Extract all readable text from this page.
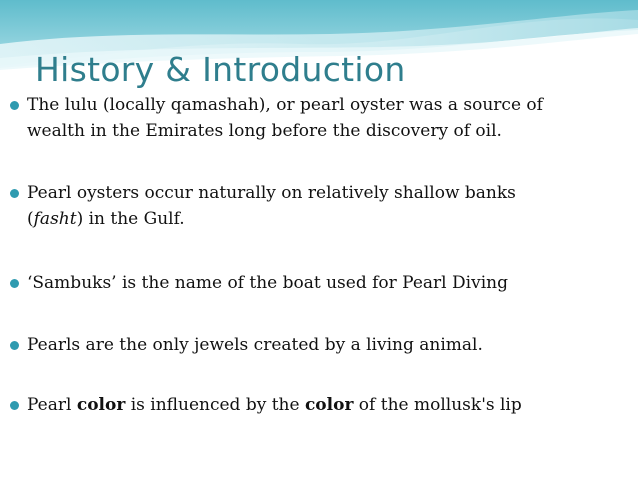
History & Introduction
The lulu (locally qamashah), or pearl oyster was a source of
wealth in the Emirates long before the discovery of oil.
Pearl oysters occur naturally on relatively shallow banks
(fasht) in the Gulf.
‘Sambuks’ is the name of the boat used for Pearl Diving
Pearls are the only jewels created by a living animal.
Pearl color is influenced by the color of the mollusk's lip
